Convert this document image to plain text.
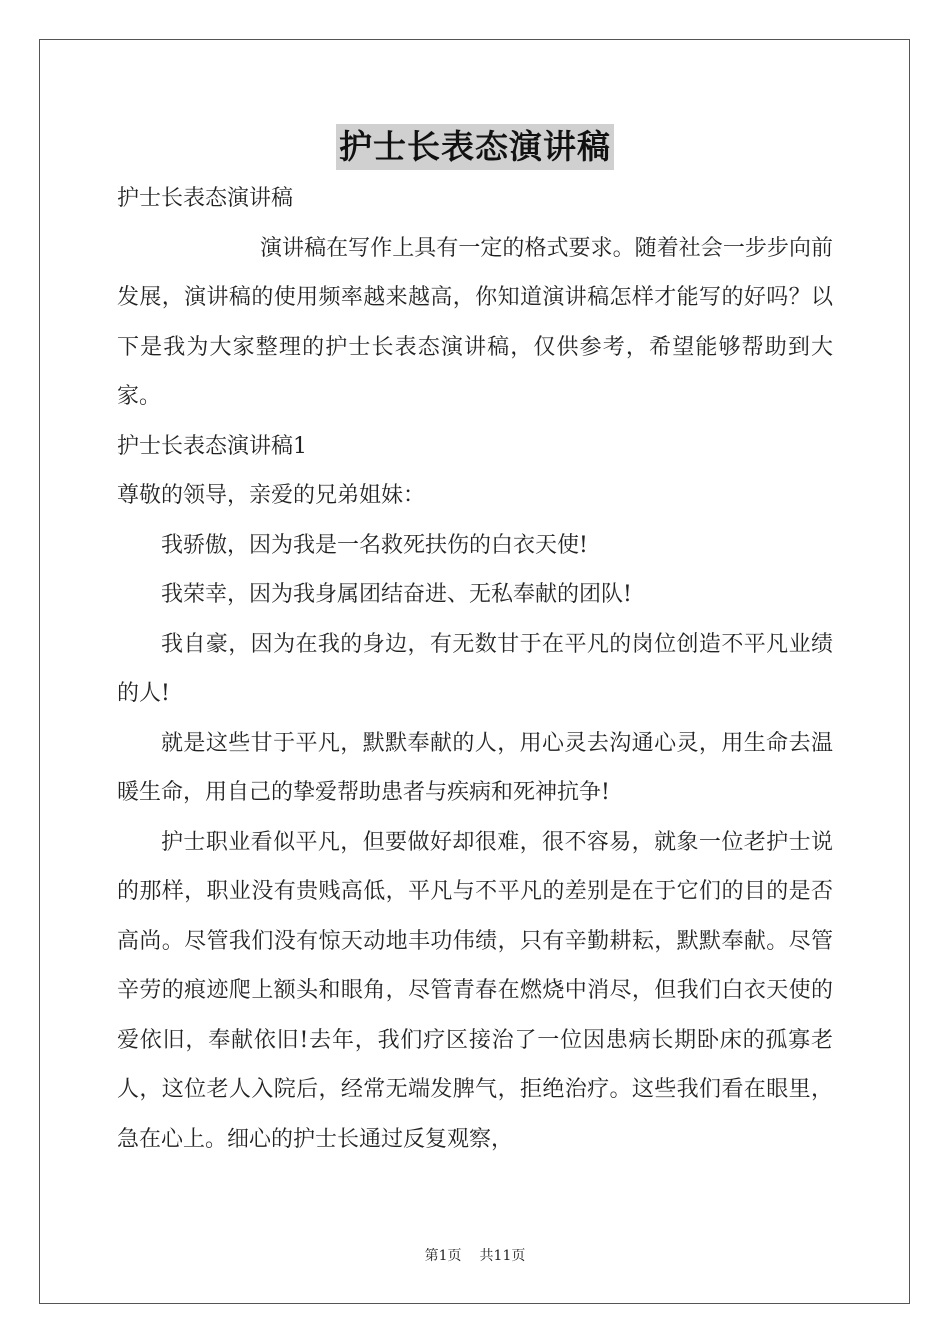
护士长表态演讲稿

护士长表态演讲稿

演讲稿在写作上具有一定的格式要求。随着社会一步步向前发展，演讲稿的使用频率越来越高，你知道演讲稿怎样才能写的好吗？以下是我为大家整理的护士长表态演讲稿，仅供参考，希望能够帮助到大家。

护士长表态演讲稿1

尊敬的领导，亲爱的兄弟姐妹：

我骄傲，因为我是一名救死扶伤的白衣天使!

我荣幸，因为我身属团结奋进、无私奉献的团队!

我自豪，因为在我的身边，有无数甘于在平凡的岗位创造不平凡业绩的人!

就是这些甘于平凡，默默奉献的人，用心灵去沟通心灵，用生命去温暖生命，用自己的挚爱帮助患者与疾病和死神抗争!

护士职业看似平凡，但要做好却很难，很不容易，就象一位老护士说的那样，职业没有贵贱高低，平凡与不平凡的差别是在于它们的目的是否高尚。尽管我们没有惊天动地丰功伟绩，只有辛勤耕耘，默默奉献。尽管辛劳的痕迹爬上额头和眼角，尽管青春在燃烧中消尽，但我们白衣天使的爱依旧，奉献依旧!去年，我们疗区接治了一位因患病长期卧床的孤寡老人，这位老人入院后，经常无端发脾气，拒绝治疗。这些我们看在眼里，急在心上。细心的护士长通过反复观察，

第1页 共11页
